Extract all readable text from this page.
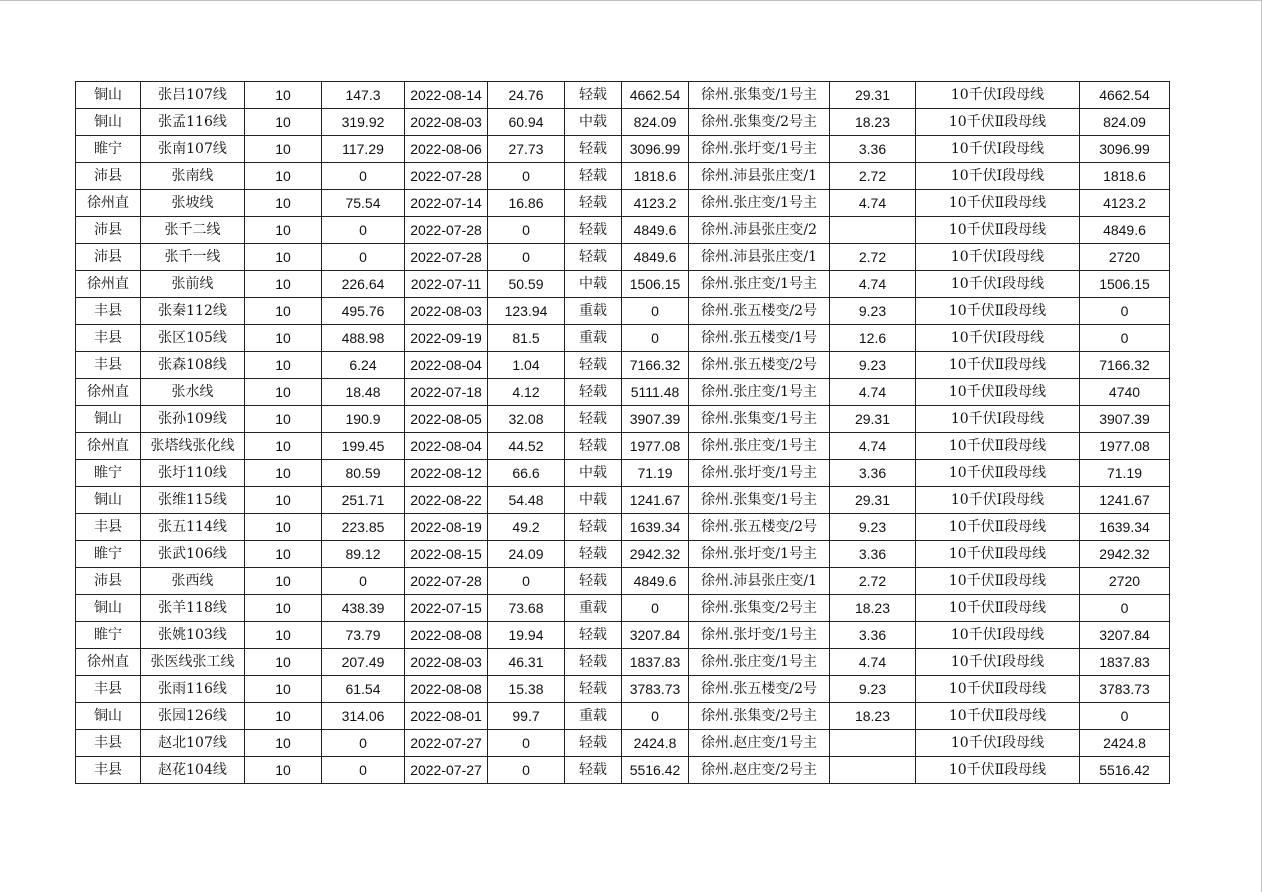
铜山	张吕107线	10	147.3	2022-08-14	24.76	轻载	4662.54	徐州.张集变/1号主	29.31	10千伏Ⅰ段母线	4662.54
铜山	张孟116线	10	319.92	2022-08-03	60.94	中载	824.09	徐州.张集变/2号主	18.23	10千伏Ⅱ段母线	824.09
睢宁	张南107线	10	117.29	2022-08-06	27.73	轻载	3096.99	徐州.张圩变/1号主	3.36	10千伏Ⅰ段母线	3096.99
沛县	张南线	10	0	2022-07-28	0	轻载	1818.6	徐州.沛县张庄变/1	2.72	10千伏Ⅰ段母线	1818.6
徐州直	张坡线	10	75.54	2022-07-14	16.86	轻载	4123.2	徐州.张庄变/1号主	4.74	10千伏Ⅱ段母线	4123.2
沛县	张千二线	10	0	2022-07-28	0	轻载	4849.6	徐州.沛县张庄变/2		10千伏Ⅱ段母线	4849.6
沛县	张千一线	10	0	2022-07-28	0	轻载	4849.6	徐州.沛县张庄变/1	2.72	10千伏Ⅰ段母线	2720
徐州直	张前线	10	226.64	2022-07-11	50.59	中载	1506.15	徐州.张庄变/1号主	4.74	10千伏Ⅰ段母线	1506.15
丰县	张秦112线	10	495.76	2022-08-03	123.94	重载	0	徐州.张五楼变/2号	9.23	10千伏Ⅱ段母线	0
丰县	张区105线	10	488.98	2022-09-19	81.5	重载	0	徐州.张五楼变/1号	12.6	10千伏Ⅰ段母线	0
丰县	张森108线	10	6.24	2022-08-04	1.04	轻载	7166.32	徐州.张五楼变/2号	9.23	10千伏Ⅱ段母线	7166.32
徐州直	张水线	10	18.48	2022-07-18	4.12	轻载	5111.48	徐州.张庄变/1号主	4.74	10千伏Ⅱ段母线	4740
铜山	张孙109线	10	190.9	2022-08-05	32.08	轻载	3907.39	徐州.张集变/1号主	29.31	10千伏Ⅰ段母线	3907.39
徐州直	张塔线张化线	10	199.45	2022-08-04	44.52	轻载	1977.08	徐州.张庄变/1号主	4.74	10千伏Ⅱ段母线	1977.08
睢宁	张圩110线	10	80.59	2022-08-12	66.6	中载	71.19	徐州.张圩变/1号主	3.36	10千伏Ⅱ段母线	71.19
铜山	张维115线	10	251.71	2022-08-22	54.48	中载	1241.67	徐州.张集变/1号主	29.31	10千伏Ⅰ段母线	1241.67
丰县	张五114线	10	223.85	2022-08-19	49.2	轻载	1639.34	徐州.张五楼变/2号	9.23	10千伏Ⅱ段母线	1639.34
睢宁	张武106线	10	89.12	2022-08-15	24.09	轻载	2942.32	徐州.张圩变/1号主	3.36	10千伏Ⅱ段母线	2942.32
沛县	张西线	10	0	2022-07-28	0	轻载	4849.6	徐州.沛县张庄变/1	2.72	10千伏Ⅱ段母线	2720
铜山	张羊118线	10	438.39	2022-07-15	73.68	重载	0	徐州.张集变/2号主	18.23	10千伏Ⅱ段母线	0
睢宁	张姚103线	10	73.79	2022-08-08	19.94	轻载	3207.84	徐州.张圩变/1号主	3.36	10千伏Ⅰ段母线	3207.84
徐州直	张医线张工线	10	207.49	2022-08-03	46.31	轻载	1837.83	徐州.张庄变/1号主	4.74	10千伏Ⅰ段母线	1837.83
丰县	张雨116线	10	61.54	2022-08-08	15.38	轻载	3783.73	徐州.张五楼变/2号	9.23	10千伏Ⅱ段母线	3783.73
铜山	张园126线	10	314.06	2022-08-01	99.7	重载	0	徐州.张集变/2号主	18.23	10千伏Ⅱ段母线	0
丰县	赵北107线	10	0	2022-07-27	0	轻载	2424.8	徐州.赵庄变/1号主		10千伏Ⅰ段母线	2424.8
丰县	赵花104线	10	0	2022-07-27	0	轻载	5516.42	徐州.赵庄变/2号主		10千伏Ⅱ段母线	5516.42
